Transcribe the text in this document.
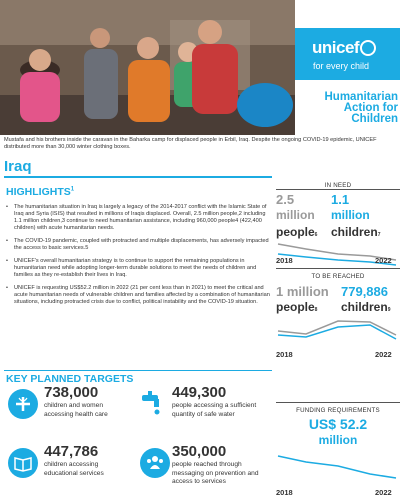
unicef
for every child
Humanitarian
Action for
Children
Mustafa and his brothers inside the caravan in the Baharka camp for displaced people in Erbil, Iraq. Despite the ongoing COVID-19 epidemic, UNICEF distributed more than 30,000 winter clothing boxes.
Iraq
HIGHLIGHTS$^1$
• The humanitarian situation in Iraq is largely a legacy of the 2014-2017 conflict with the Islamic State of Iraq and Syria (ISIS) that resulted in millions of Iraqis displaced. Overall, 2.5 million people,2 including 1.1 million children,3 continue to need humanitarian assistance, including 960,000 people4 (422,400 children) with acute humanitarian needs.
• The COVID-19 pandemic, coupled with protracted and multiple displacements, has adversely impacted the access to basic services.5
• UNICEF's overall humanitarian strategy is to continue to support the remaining populations in humanitarian need while adopting longer-term durable solutions to meet the needs of children and families as they re-establish their lives in Iraq.
• UNICEF is requesting US$52.2 million in 2022 (21 per cent less than in 2021) to meet the critical and acute humanitarian needs of vulnerable children and families affected by a combination of humanitarian situations, including protracted crisis due to conflict, political instability and the COVID-19 situation.
KEY PLANNED TARGETS
738,000
children and women accessing health care
449,300
people accessing a sufficient quantity of safe water
447,786
children accessing educational services
350,000
people reached through messaging on prevention and access to services
IN NEED
2.5
million
people6
1.1
million
children7
2018	2022
TO BE REACHED
1 million 779,886
people8 children9
2018	2022
FUNDING REQUIREMENTS
US$ 52.2
million
2018	2022
